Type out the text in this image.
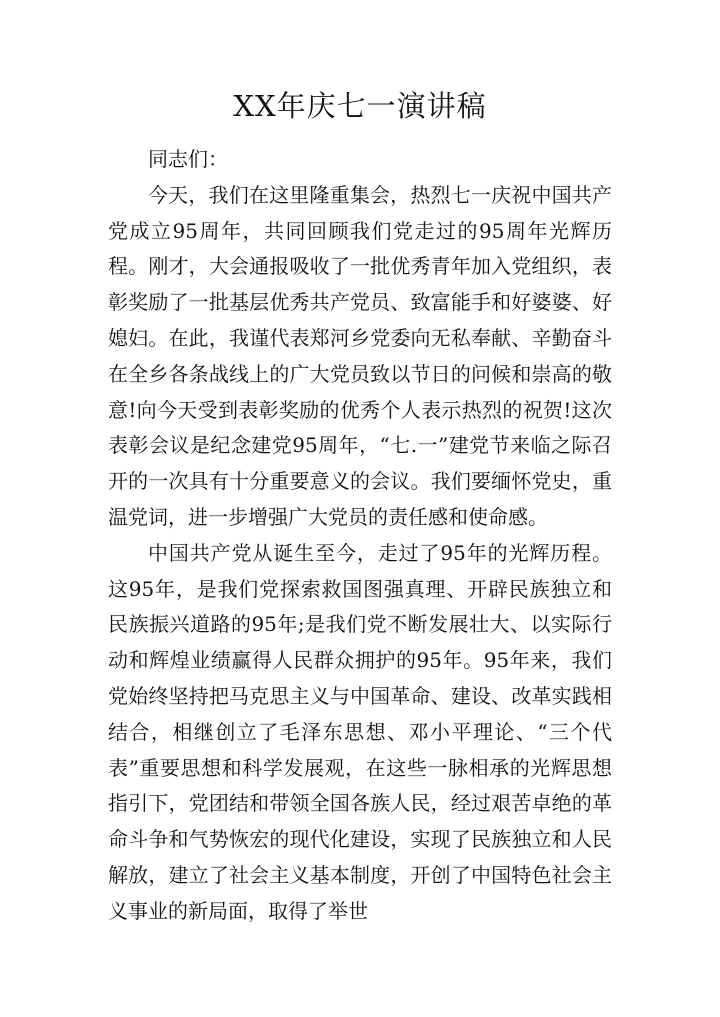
XX年庆七一演讲稿

同志们：

今天，我们在这里隆重集会，热烈七一庆祝中国共产党成立95周年，共同回顾我们党走过的95周年光辉历程。刚才，大会通报吸收了一批优秀青年加入党组织，表彰奖励了一批基层优秀共产党员、致富能手和好婆婆、好媳妇。在此，我谨代表郑河乡党委向无私奉献、辛勤奋斗在全乡各条战线上的广大党员致以节日的问候和崇高的敬意!向今天受到表彰奖励的优秀个人表示热烈的祝贺!这次表彰会议是纪念建党95周年，“七.一”建党节来临之际召开的一次具有十分重要意义的会议。我们要缅怀党史，重温党词，进一步增强广大党员的责任感和使命感。

中国共产党从诞生至今，走过了95年的光辉历程。这95年，是我们党探索救国图强真理、开辟民族独立和民族振兴道路的95年;是我们党不断发展壮大、以实际行动和辉煌业绩赢得人民群众拥护的95年。95年来，我们党始终坚持把马克思主义与中国革命、建设、改革实践相结合，相继创立了毛泽东思想、邓小平理论、“三个代表”重要思想和科学发展观，在这些一脉相承的光辉思想指引下，党团结和带领全国各族人民，经过艰苦卓绝的革命斗争和气势恢宏的现代化建设，实现了民族独立和人民解放，建立了社会主义基本制度，开创了中国特色社会主义事业的新局面，取得了举世
